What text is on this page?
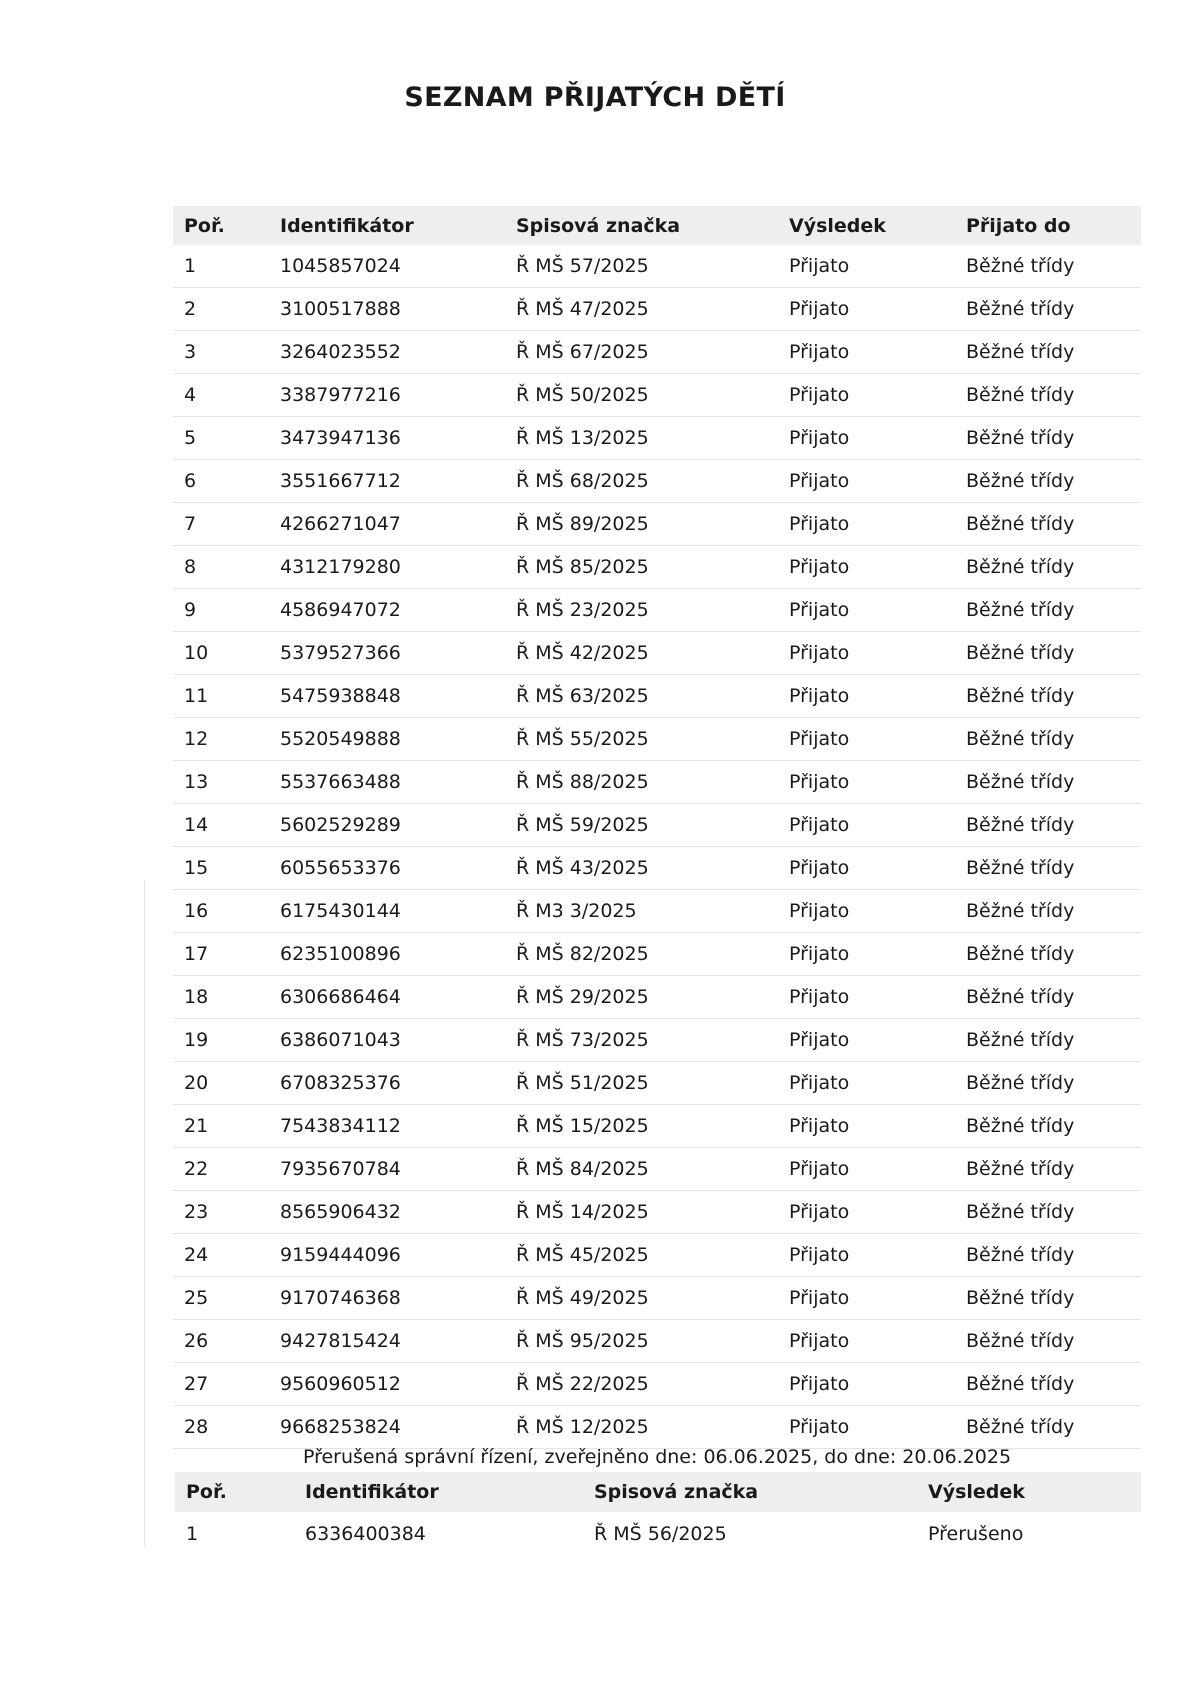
SEZNAM PŘIJATÝCH DĚTÍ
Poř.	Identifikátor	Spisová značka	Výsledek	Přijato do
1	1045857024	Ř MŠ 57/2025	Přijato	Běžné třídy
2	3100517888	Ř MŠ 47/2025	Přijato	Běžné třídy
3	3264023552	Ř MŠ 67/2025	Přijato	Běžné třídy
4	3387977216	Ř MŠ 50/2025	Přijato	Běžné třídy
5	3473947136	Ř MŠ 13/2025	Přijato	Běžné třídy
6	3551667712	Ř MŠ 68/2025	Přijato	Běžné třídy
7	4266271047	Ř MŠ 89/2025	Přijato	Běžné třídy
8	4312179280	Ř MŠ 85/2025	Přijato	Běžné třídy
9	4586947072	Ř MŠ 23/2025	Přijato	Běžné třídy
10	5379527366	Ř MŠ 42/2025	Přijato	Běžné třídy
11	5475938848	Ř MŠ 63/2025	Přijato	Běžné třídy
12	5520549888	Ř MŠ 55/2025	Přijato	Běžné třídy
13	5537663488	Ř MŠ 88/2025	Přijato	Běžné třídy
14	5602529289	Ř MŠ 59/2025	Přijato	Běžné třídy
15	6055653376	Ř MŠ 43/2025	Přijato	Běžné třídy
16	6175430144	Ř M3 3/2025	Přijato	Běžné třídy
17	6235100896	Ř MŠ 82/2025	Přijato	Běžné třídy
18	6306686464	Ř MŠ 29/2025	Přijato	Běžné třídy
19	6386071043	Ř MŠ 73/2025	Přijato	Běžné třídy
20	6708325376	Ř MŠ 51/2025	Přijato	Běžné třídy
21	7543834112	Ř MŠ 15/2025	Přijato	Běžné třídy
22	7935670784	Ř MŠ 84/2025	Přijato	Běžné třídy
23	8565906432	Ř MŠ 14/2025	Přijato	Běžné třídy
24	9159444096	Ř MŠ 45/2025	Přijato	Běžné třídy
25	9170746368	Ř MŠ 49/2025	Přijato	Běžné třídy
26	9427815424	Ř MŠ 95/2025	Přijato	Běžné třídy
27	9560960512	Ř MŠ 22/2025	Přijato	Běžné třídy
28	9668253824	Ř MŠ 12/2025	Přijato	Běžné třídy

Přerušená správní řízení, zveřejněno dne: 06.06.2025, do dne: 20.06.2025

Poř.	Identifikátor	Spisová značka	Výsledek
1	6336400384	Ř MŠ 56/2025	Přerušeno
